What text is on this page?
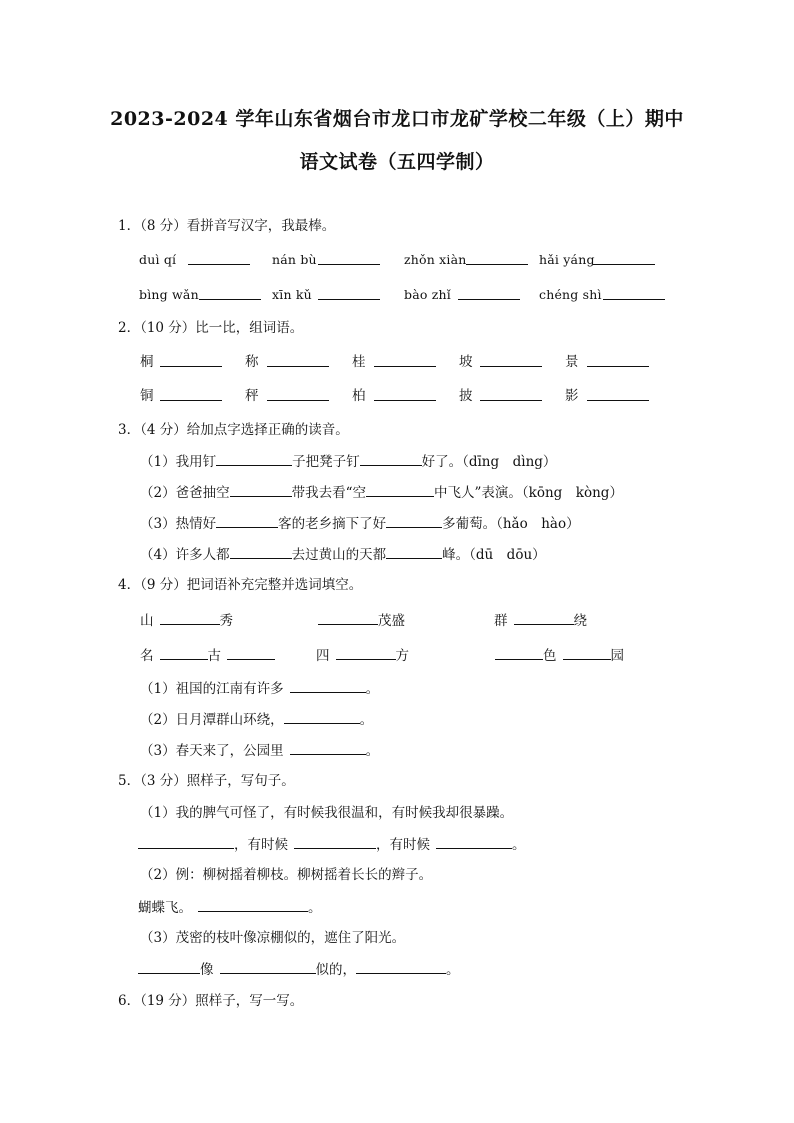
2023-2024 学年山东省烟台市龙口市龙矿学校二年级（上）期中
语文试卷（五四学制）
1．（8 分）看拼音写汉字，我最棒。
duì qí	nán bù	zhǒn xiàn	hǎi yáng
bìng wǎn	xīn kǔ	bào zhǐ	chéng shì
2．（10 分）比一比，组词语。
桐	称	桂	坡	景
铜	秤	柏	披	影
3．（4 分）给加点字选择正确的读音。
（1）我用钉	子把凳子钉	好了。（dīng　dìng）
（2）爸爸抽空	带我去看“空	中飞人”表演。（kōng　kòng）
（3）热情好	客的老乡摘下了好	多葡萄。（hǎo　hào）
（4）许多人都	去过黄山的天都	峰。（dū　dōu）
4．（9 分）把词语补充完整并选词填空。
山	秀	茂盛	群	绕
名	古	四	方	色	园
（1）祖国的江南有许多	。
（2）日月潭群山环绕，	。
（3）春天来了，公园里	。
5．（3 分）照样子，写句子。
（1）我的脾气可怪了，有时候我很温和，有时候我却很暴躁。
，有时候	，有时候	。
（2）例：柳树摇着柳枝。柳树摇着长长的辫子。
蝴蝶飞。	。
（3）茂密的枝叶像凉棚似的，遮住了阳光。
像	似的，	。
6．（19 分）照样子，写一写。
